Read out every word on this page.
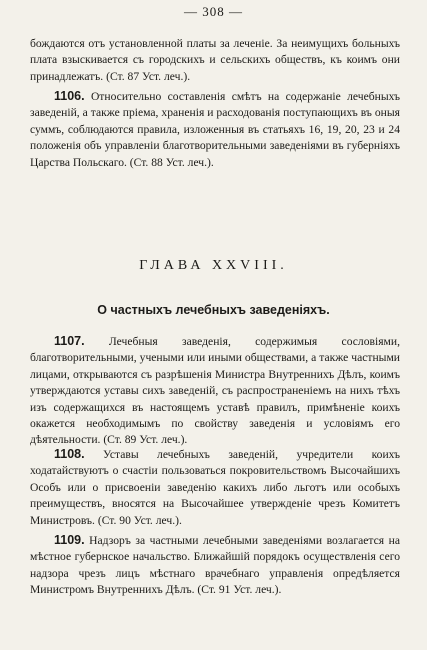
— 308 —

бождаются отъ установленной платы за леченіе. За неимущихъ больныхъ плата взыскивается съ городскихъ и сельскихъ обществъ, къ коимъ они принадлежатъ. (Ст. 87 Уст. леч.).

1106. Относительно составленія смѣтъ на содержаніе лечебныхъ заведеній, а также пріема, храненія и расходованія поступающихъ въ оныя суммъ, соблюдаются правила, изложенныя въ статьяхъ 16, 19, 20, 23 и 24 положенія объ управленіи благотворительными заведеніями въ губерніяхъ Царства Польскаго. (Ст. 88 Уст. леч.).

ГЛАВА XXVIII.
О частныхъ лечебныхъ заведеніяхъ.

1107. Лечебныя заведенія, содержимыя сословіями, благотворительными, учеными или иными обществами, а также частными лицами, открываются съ разрѣшенія Министра Внутреннихъ Дѣлъ, коимъ утверждаются уставы сихъ заведеній, съ распространеніемъ на нихъ тѣхъ изъ содержащихся въ настоящемъ уставѣ правилъ, примѣненіе коихъ окажется необходимымъ по свойству заведенія и условіямъ его дѣятельности. (Ст. 89 Уст. леч.).

1108. Уставы лечебныхъ заведеній, учредители коихъ ходатайствуютъ о счастіи пользоваться покровительствомъ Высочайшихъ Особъ или о присвоеніи заведенію какихъ либо льготъ или особыхъ преимуществъ, вносятся на Высочайшее утвержденіе чрезъ Комитетъ Министровъ. (Ст. 90 Уст. леч.).

1109. Надзоръ за частными лечебными заведеніями возлагается на мѣстное губернское начальство. Ближайшій порядокъ осуществленія сего надзора чрезъ лицъ мѣстнаго врачебнаго управленія опредѣляется Министромъ Внутреннихъ Дѣлъ. (Ст. 91 Уст. леч.).
